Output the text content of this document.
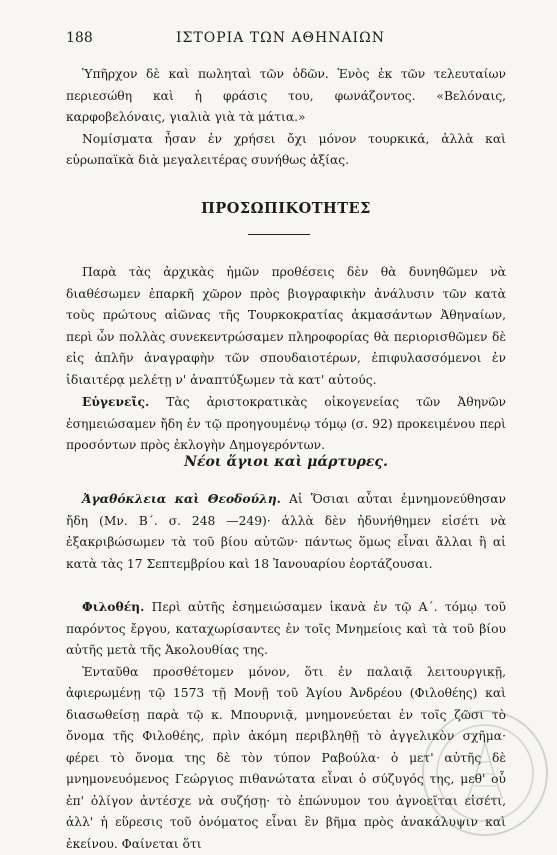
188	ΙΣΤΟΡΙΑ ΤΩΝ ΑΘΗΝΑΙΩΝ

Ὑπῆρχον δὲ καὶ πωληταὶ τῶν ὁδῶν. Ἑνὸς ἐκ τῶν τελευταίων περιεσώθη καὶ ἡ φράσις του, φωνάζοντος. «Βελόναις, καρφοβελόναις, γιαλιὰ γιὰ τὰ μάτια.»

Νομίσματα ἦσαν ἐν χρήσει ὄχι μόνον τουρκικά, ἀλλὰ καὶ εὐρωπαϊκὰ διὰ μεγαλειτέρας συνήθως ἀξίας.

ΠΡΟΣΩΠΙΚΟΤΗΤΕΣ

Παρὰ τὰς ἀρχικὰς ἡμῶν προθέσεις δὲν θὰ δυνηθῶμεν νὰ διαθέσωμεν ἐπαρκῆ χῶρον πρὸς βιογραφικὴν ἀνάλυσιν τῶν κατὰ τοὺς πρώτους αἰῶνας τῆς Τουρκοκρατίας ἀκμασάντων Ἀθηναίων, περὶ ὧν πολλὰς συνεκεντρώσαμεν πληροφορίας θὰ περιορισθῶμεν δὲ εἰς ἁπλῆν ἀναγραφὴν τῶν σπουδαιοτέρων, ἐπιφυλασσόμενοι ἐν ἰδιαιτέρᾳ μελέτῃ ν' ἀναπτύξωμεν τὰ κατ' αὐτούς.

Εὐγενεῖς. Τὰς ἀριστοκρατικὰς οἰκογενείας τῶν Ἀθηνῶν ἐσημειώσαμεν ἤδη ἐν τῷ προηγουμένῳ τόμῳ (σ. 92) προκειμένου περὶ προσόντων πρὸς ἐκλογὴν Δημογερόντων.

Νέοι ἅγιοι καὶ μάρτυρες.

Ἀγαθόκλεια καὶ Θεοδούλη. Αἱ Ὅσιαι αὗται ἐμνημονεύθησαν ἤδη (Μν. Β΄. σ. 248 —249)· ἀλλὰ δὲν ἠδυνήθημεν εἰσέτι νὰ ἐξακριβώσωμεν τὰ τοῦ βίου αὐτῶν· πάντως ὅμως εἶναι ἄλλαι ἢ αἱ κατὰ τὰς 17 Σεπτεμβρίου καὶ 18 Ἰανουαρίου ἑορτάζουσαι.

Φιλοθέη. Περὶ αὐτῆς ἐσημειώσαμεν ἱκανὰ ἐν τῷ Α΄. τόμῳ τοῦ παρόντος ἔργου, καταχωρίσαντες ἐν τοῖς Μνημείοις καὶ τὰ τοῦ βίου αὐτῆς μετὰ τῆς Ἀκολουθίας της.

Ἐνταῦθα προσθέτομεν μόνον, ὅτι ἐν παλαιᾷ λειτουργικῇ, ἀφιερωμένῃ τῷ 1573 τῇ Μονῇ τοῦ Ἁγίου Ἀνδρέου (Φιλοθέης) καὶ διασωθείσῃ παρὰ τῷ κ. Μπουρνιᾷ, μνημονεύεται ἐν τοῖς ζῶσι τὸ ὄνομα τῆς Φιλοθέης, πρὶν ἀκόμη περιβληθῇ τὸ ἀγγελικὸν σχῆμα· φέρει τὸ ὄνομα της δὲ τὸν τύπον Ραβούλα· ὁ μετ' αὐτῆς δὲ μνημονευόμενος Γεώργιος πιθανώτατα εἶναι ὁ σύζυγός της, μεθ' οὗ ἐπ' ὀλίγον ἀντέσχε νὰ συζήσῃ· τὸ ἐπώνυμον του ἀγνοεῖται εἰσέτι, ἀλλ' ἡ εὕρεσις τοῦ ὀνόματος εἶναι ἓν βῆμα πρὸς ἀνακάλυψιν καὶ ἐκείνου. Φαίνεται ὅτι
